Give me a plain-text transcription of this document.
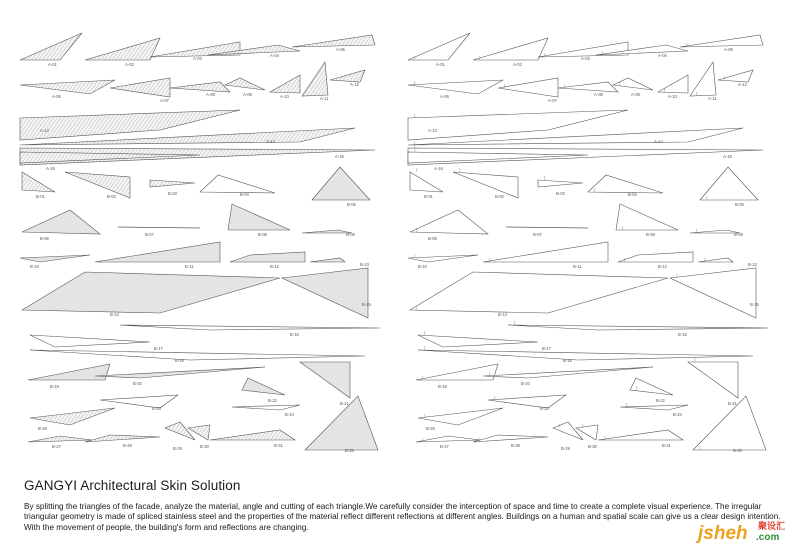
A-01	A-02
A-03
A-04
A-05
A-06
A-07
A-08	A-09	A-10	A-11
A-12
A-13
A-14
A-15
A-16
B-01	B-02
B-03	B-04
B-05
B-06
B-07	B-08	B-09
B-10	B-11	B-12	B-13
B-14
B-15
B-16
B-17
B-18
B-19
B-20
B-21
B-22
B-23
B-24
B-25
B-26
B-27	B-28
B-29	B-30	B-31
A-01	A-02
A-03
A-04
A-05
A-06
A-07
A-08	A-09	A-10	A-11
A-12
A-13
A-14
A-15
A-16
B-01	B-02
B-03	B-04
B-05
B-06
B-07	B-08	B-09
B-10	B-11	B-12	B-13
B-14
B-15
B-16
B-17
B-18
B-19
B-20
B-21
B-22
B-23
B-24
B-25
B-26
B-27	B-28
B-29	B-30	B-31
GANGYI Architectural Skin Solution

By splitting the triangles of the facade, analyze the material, angle and cutting of each triangle.We carefully consider the interception of space and time to create a complete visual experience. The irregular triangular geometry is made of spliced stainless steel and the properties of the material reflect different reflections at different angles. Buildings on a human and spatial scale can give us a clear design intention. With the movement of people, the building's form and reflections are changing.	jsheh 聚设汇
.com
